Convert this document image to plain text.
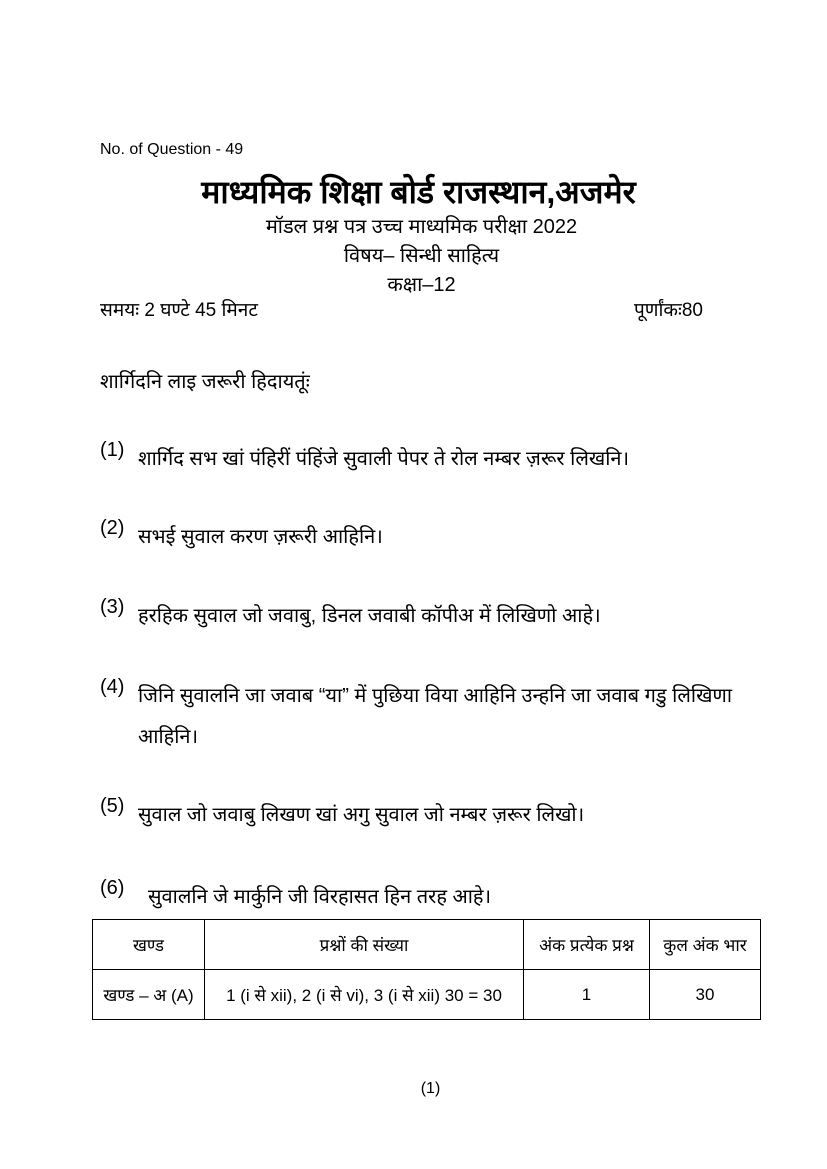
No. of Question - 49
माध्यमिक शिक्षा बोर्ड राजस्थान,अजमेर
मॉडल प्रश्न पत्र उच्च माध्यमिक परीक्षा 2022
विषय– सिन्धी साहित्य
कक्षा–12
समयः 2 घण्टे 45 मिनट	पूर्णांकः80
शार्गिदनि लाइ जरूरी हिदायतूंः
(1) शार्गिद सभ खां पंहिरीं पंहिंजे सुवाली पेपर ते रोल नम्बर ज़रूर लिखनि।
(2) सभई सुवाल करण ज़रूरी आहिनि।
(3) हरहिक सुवाल जो जवाबु, डिनल जवाबी कॉपीअ में लिखिणो आहे।
(4) जिनि सुवालनि जा जवाब “या” में पुछिया विया आहिनि उन्हनि जा जवाब गडु लिखिणा आहिनि।
(5) सुवाल जो जवाबु लिखण खां अगु सुवाल जो नम्बर ज़रूर लिखो।
(6)	सुवालनि जे मार्कुनि जी विरहासत हिन तरह आहे।
खण्ड	प्रश्नों की संख्या	अंक प्रत्येक प्रश्न	कुल अंक भार
खण्ड – अ (A)	1 (i से xii), 2 (i से vi), 3 (i से xii) 30 = 30	1	30
(1)
